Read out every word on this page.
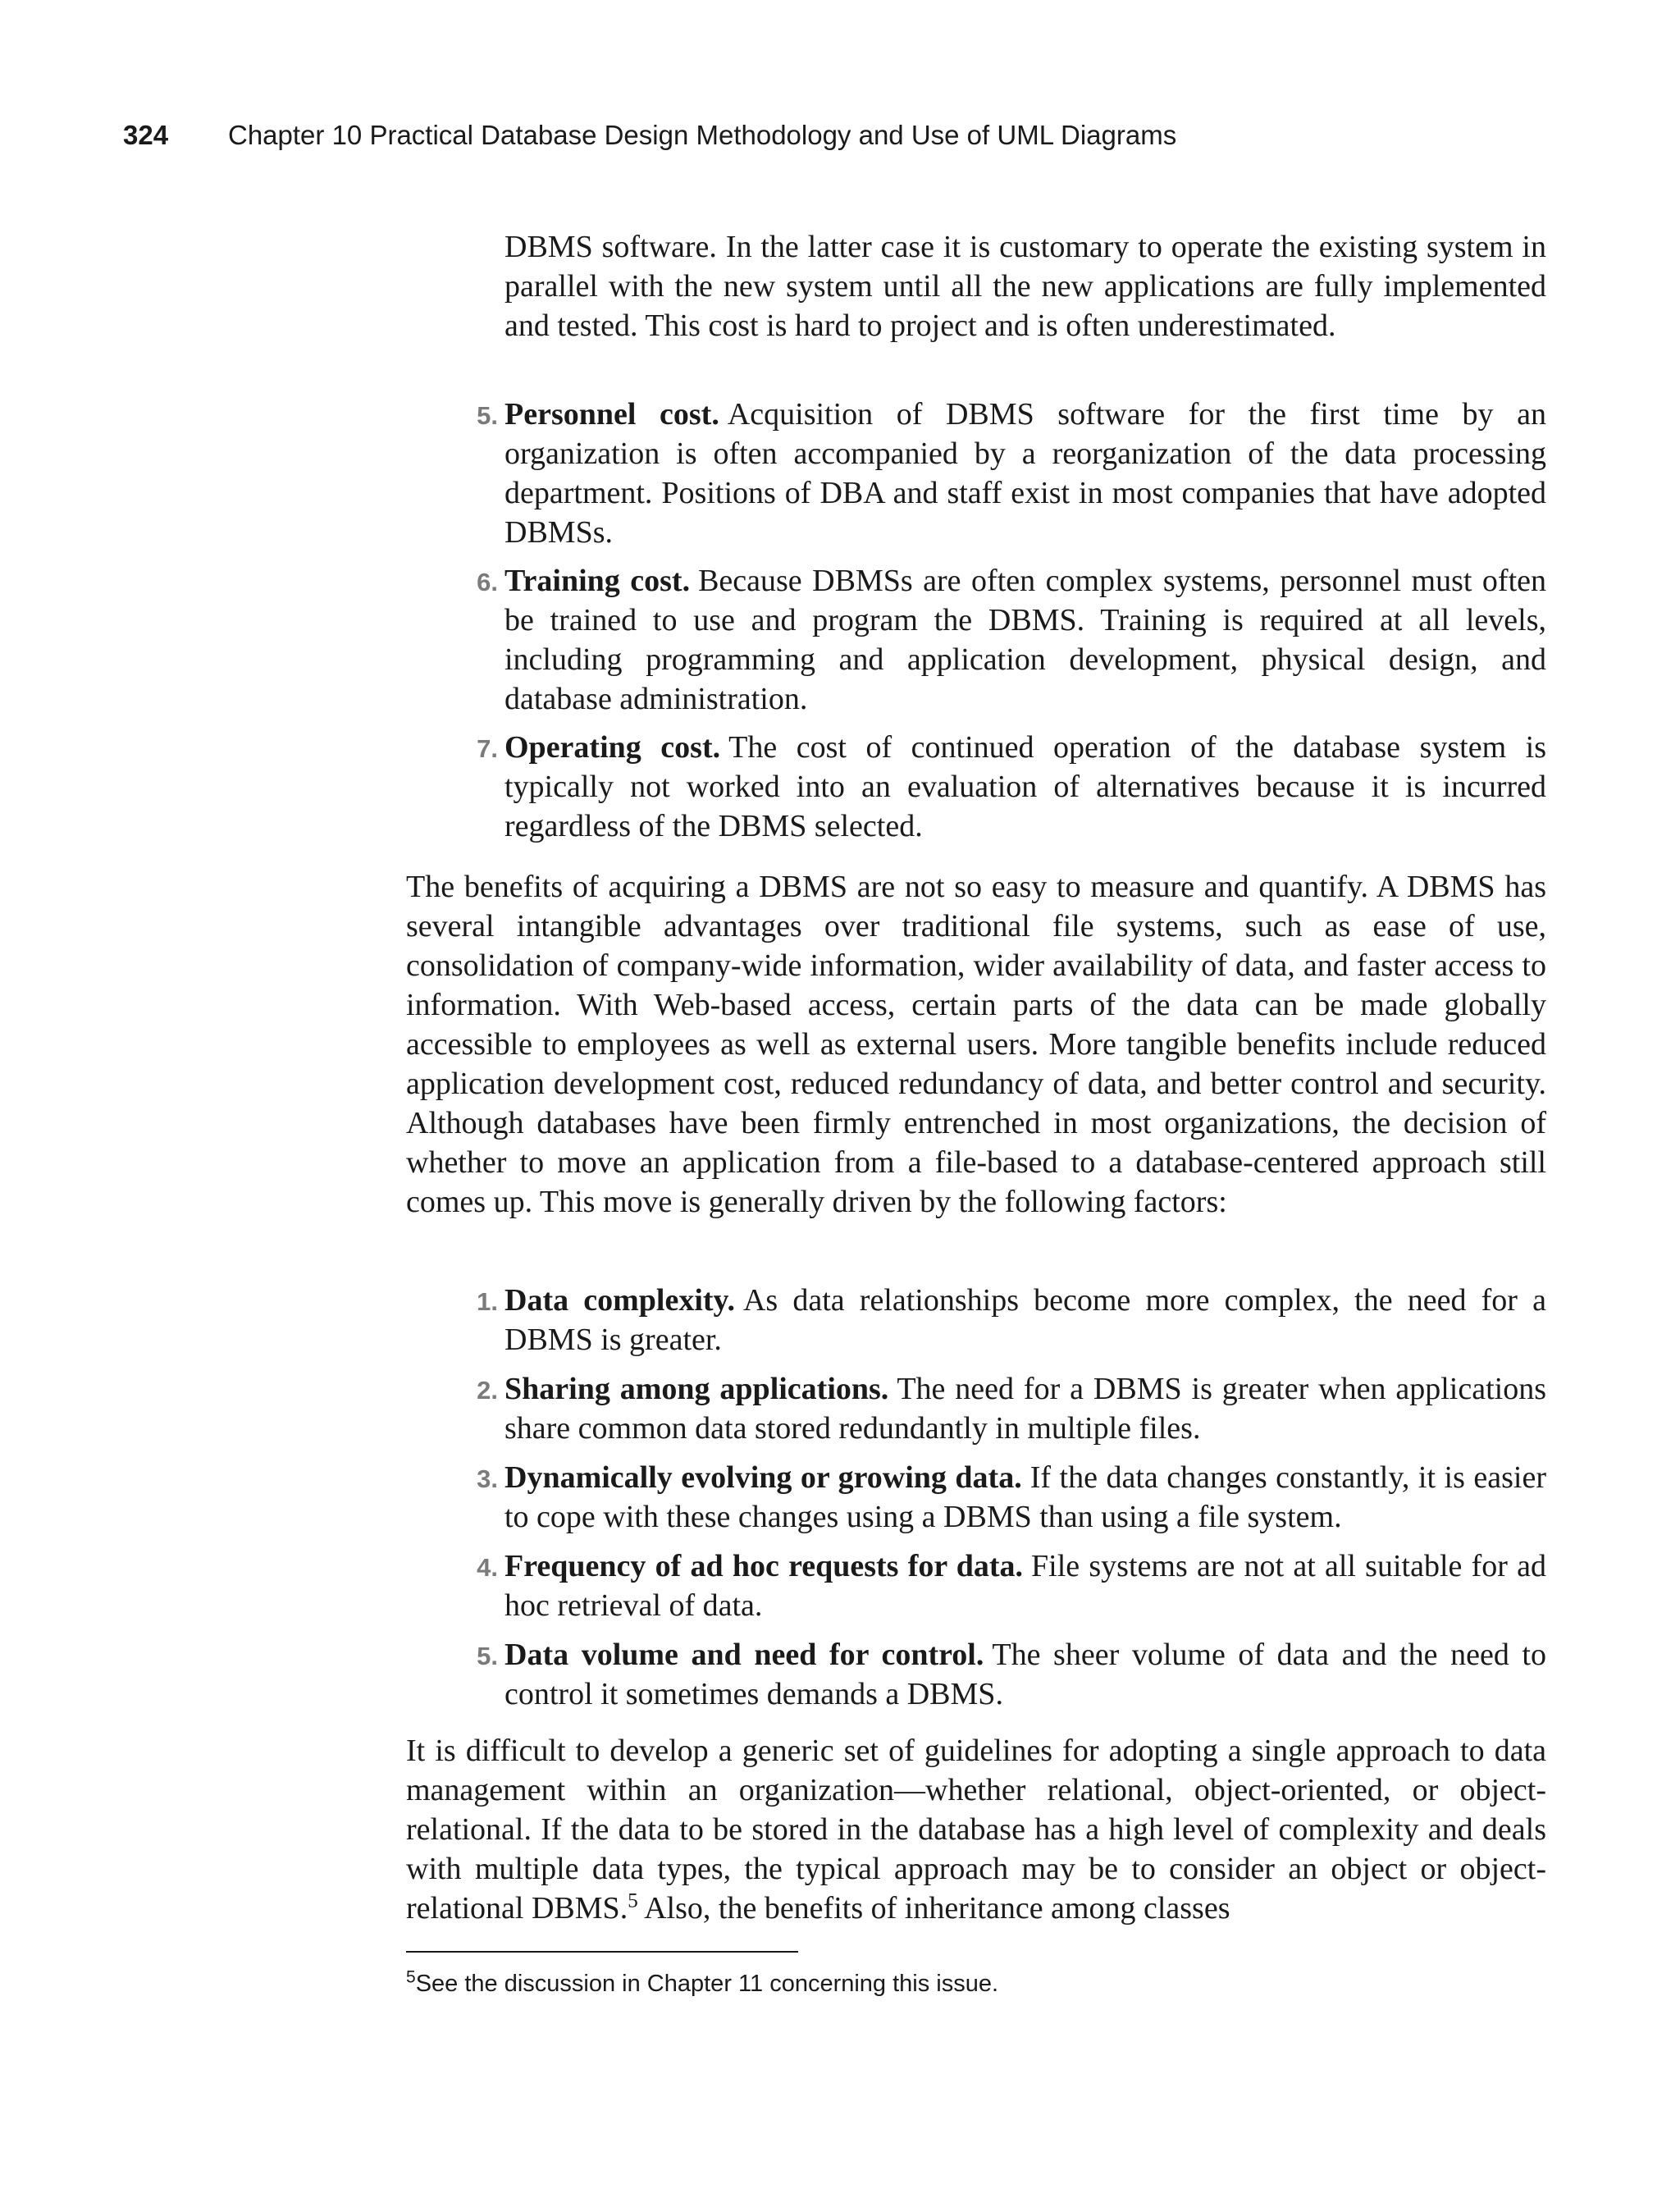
324	Chapter 10 Practical Database Design Methodology and Use of UML Diagrams

DBMS software. In the latter case it is customary to operate the existing system in parallel with the new system until all the new applications are fully implemented and tested. This cost is hard to project and is often underestimated.

5. Personnel cost. Acquisition of DBMS software for the first time by an organization is often accompanied by a reorganization of the data processing department. Positions of DBA and staff exist in most companies that have adopted DBMSs.
6. Training cost. Because DBMSs are often complex systems, personnel must often be trained to use and program the DBMS. Training is required at all levels, including programming and application development, physical design, and database administration.
7. Operating cost. The cost of continued operation of the database system is typically not worked into an evaluation of alternatives because it is incurred regardless of the DBMS selected.

The benefits of acquiring a DBMS are not so easy to measure and quantify. A DBMS has several intangible advantages over traditional file systems, such as ease of use, consolidation of company-wide information, wider availability of data, and faster access to information. With Web-based access, certain parts of the data can be made globally accessible to employees as well as external users. More tangible benefits include reduced application development cost, reduced redundancy of data, and better control and security. Although databases have been firmly entrenched in most organizations, the decision of whether to move an application from a file-based to a database-centered approach still comes up. This move is generally driven by the following factors:

1. Data complexity. As data relationships become more complex, the need for a DBMS is greater.
2. Sharing among applications. The need for a DBMS is greater when applications share common data stored redundantly in multiple files.
3. Dynamically evolving or growing data. If the data changes constantly, it is easier to cope with these changes using a DBMS than using a file system.
4. Frequency of ad hoc requests for data. File systems are not at all suitable for ad hoc retrieval of data.
5. Data volume and need for control. The sheer volume of data and the need to control it sometimes demands a DBMS.

It is difficult to develop a generic set of guidelines for adopting a single approach to data management within an organization—whether relational, object-oriented, or object-relational. If the data to be stored in the database has a high level of complexity and deals with multiple data types, the typical approach may be to consider an object or object-relational DBMS.$^5$ Also, the benefits of inheritance among classes

$^5$See the discussion in Chapter 11 concerning this issue.
